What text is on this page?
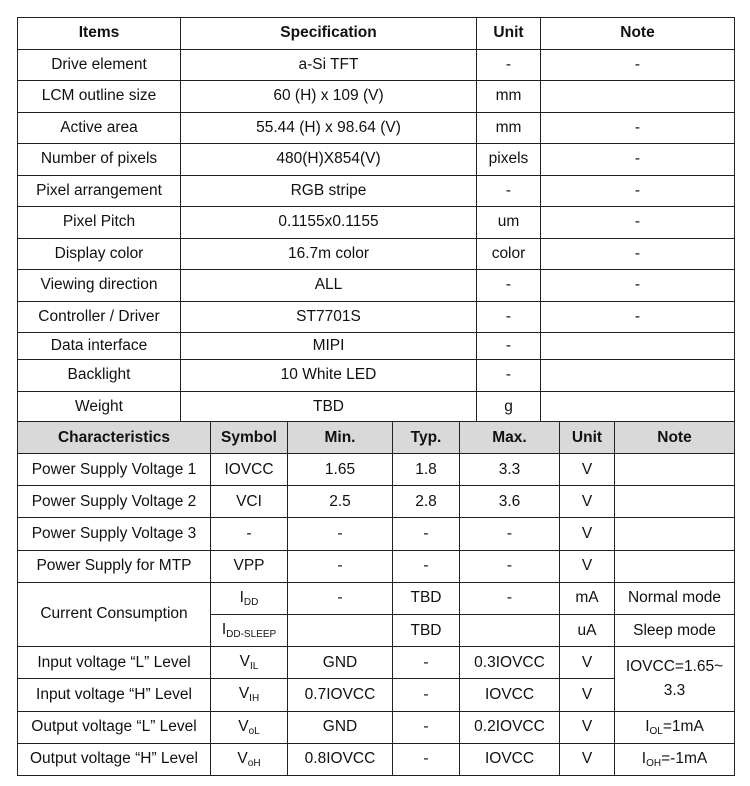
Items	Specification	Unit	Note
Drive element	a-Si TFT	-	-
LCM outline size	60 (H) x 109 (V)	mm	
Active area	55.44 (H) x 98.64 (V)	mm	-
Number of pixels	480(H)X854(V)	pixels	-
Pixel arrangement	RGB stripe	-	-
Pixel Pitch	0.1155x0.1155	um	-
Display color	16.7m color	color	-
Viewing direction	ALL	-	-
Controller / Driver	ST7701S	-	-
Data interface	MIPI	-	
Backlight	10 White LED	-	
Weight	TBD	g	
Characteristics	Symbol	Min.	Typ.	Max.	Unit	Note
Power Supply Voltage 1	IOVCC	1.65	1.8	3.3	V	
Power Supply Voltage 2	VCI	2.5	2.8	3.6	V	
Power Supply Voltage 3	-	-	-	-	V	
Power Supply for MTP	VPP	-	-	-	V	
Current Consumption	$I_{DD}$	-	TBD	-	mA	Normal mode
	$I_{DD-SLEEP}$		TBD		uA	Sleep mode
Input voltage “L” Level	$V_{IL}$	GND	-	0.3IOVCC	V	IOVCC=1.65~ 3.3
Input voltage “H” Level	$V_{IH}$	0.7IOVCC	-	IOVCC	V	
Output voltage “L” Level	$V_{oL}$	GND	-	0.2IOVCC	V	$I_{OL}=1mA$
Output voltage “H” Level	$V_{oH}$	0.8IOVCC	-	IOVCC	V	$I_{OH}=-1mA$
